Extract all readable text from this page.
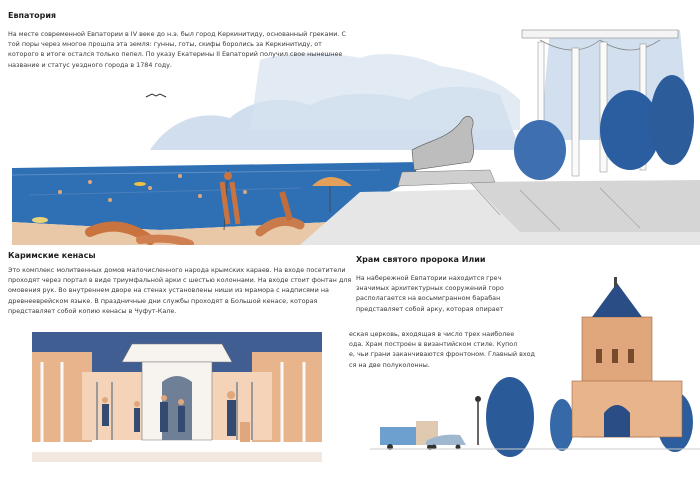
Евпатория
На месте современной Евпатории в IV веке до н.э. был город Керкинитиду, основанный греками. С
той поры через многое прошла эта земля: гунны, готы, скифы боролись за Керкинитиду, от
которого в итоге остался только пепел. По указу Екатерины II Евпаторий получил свое нынешнее
название и статус уездного города в 1784 году.
Каримские кенасы
Это комплекс молитвенных домов малочисленного народа крымских караев. На входе посетители
проходят через портал в виде триумфальной арки с шестью колоннами. На входе стоит фонтан для
омовения рук. Во внутреннем дворе на стенах установлены ниши из мрамора с надписями на
древнееврейском языке. В праздничные дни службы проходят в Большой кенасе, которая
представляет собой копию кенасы в Чуфут-Кале.
Храм святого пророка Илии
На набережной Евпатории находится греч
значимых архитектурных сооружений горо
располагается на восьмигранном барабан
представляет собой арку, которая опирает
еская церковь, входящая в число трех наиболее
ода. Храм построен в византийском стиле. Купол
е, чьи грани заканчиваются фронтоном. Главный вход
ся на две полуколонны.
